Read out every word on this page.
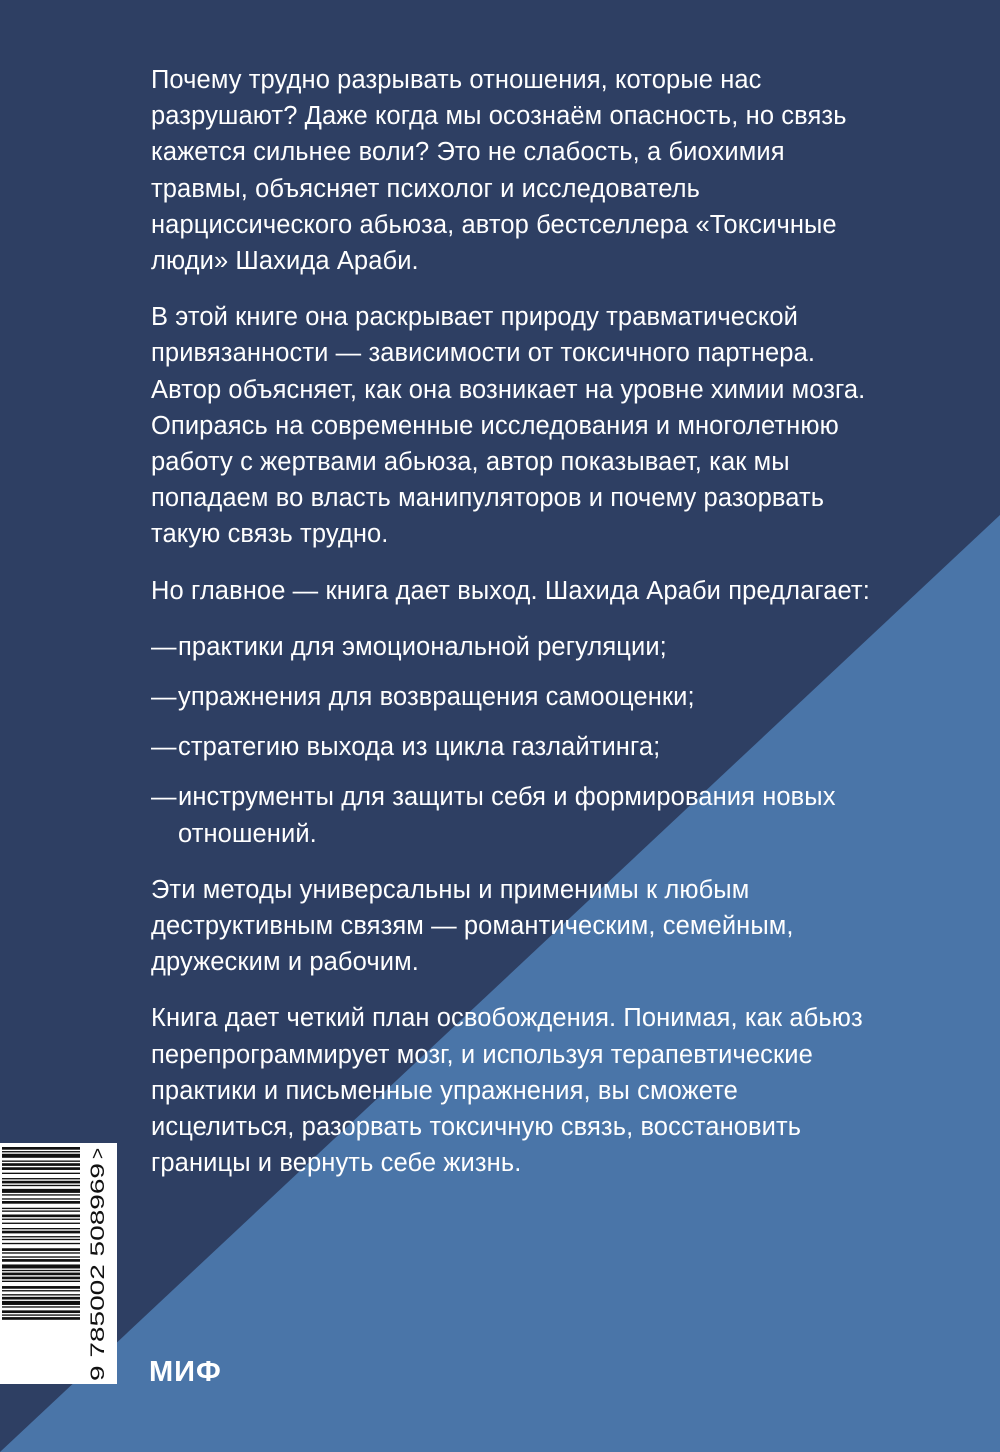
Почему трудно разрывать отношения, которые нас разрушают? Даже когда мы осознаём опасность, но связь кажется сильнее воли? Это не слабость, а биохимия травмы, объясняет психолог и исследователь нарциссического абьюза, автор бестселлера «Токсичные люди» Шахида Араби.

В этой книге она раскрывает природу травматической привязанности — зависимости от токсичного партнера. Автор объясняет, как она возникает на уровне химии мозга. Опираясь на современные исследования и многолетнюю работу с жертвами абьюза, автор показывает, как мы попадаем во власть манипуляторов и почему разорвать такую связь трудно.

Но главное — книга дает выход. Шахида Араби предлагает:

— практики для эмоциональной регуляции;
— упражнения для возвращения самооценки;
— стратегию выхода из цикла газлайтинга;
— инструменты для защиты себя и формирования новых отношений.

Эти методы универсальны и применимы к любым деструктивным связям — романтическим, семейным, дружеским и рабочим.

Книга дает четкий план освобождения. Понимая, как абьюз перепрограммирует мозг, и используя терапевтические практики и письменные упражнения, вы сможете исцелиться, разорвать токсичную связь, восстановить границы и вернуть себе жизнь.

9 785002 508969
>
МИФ
